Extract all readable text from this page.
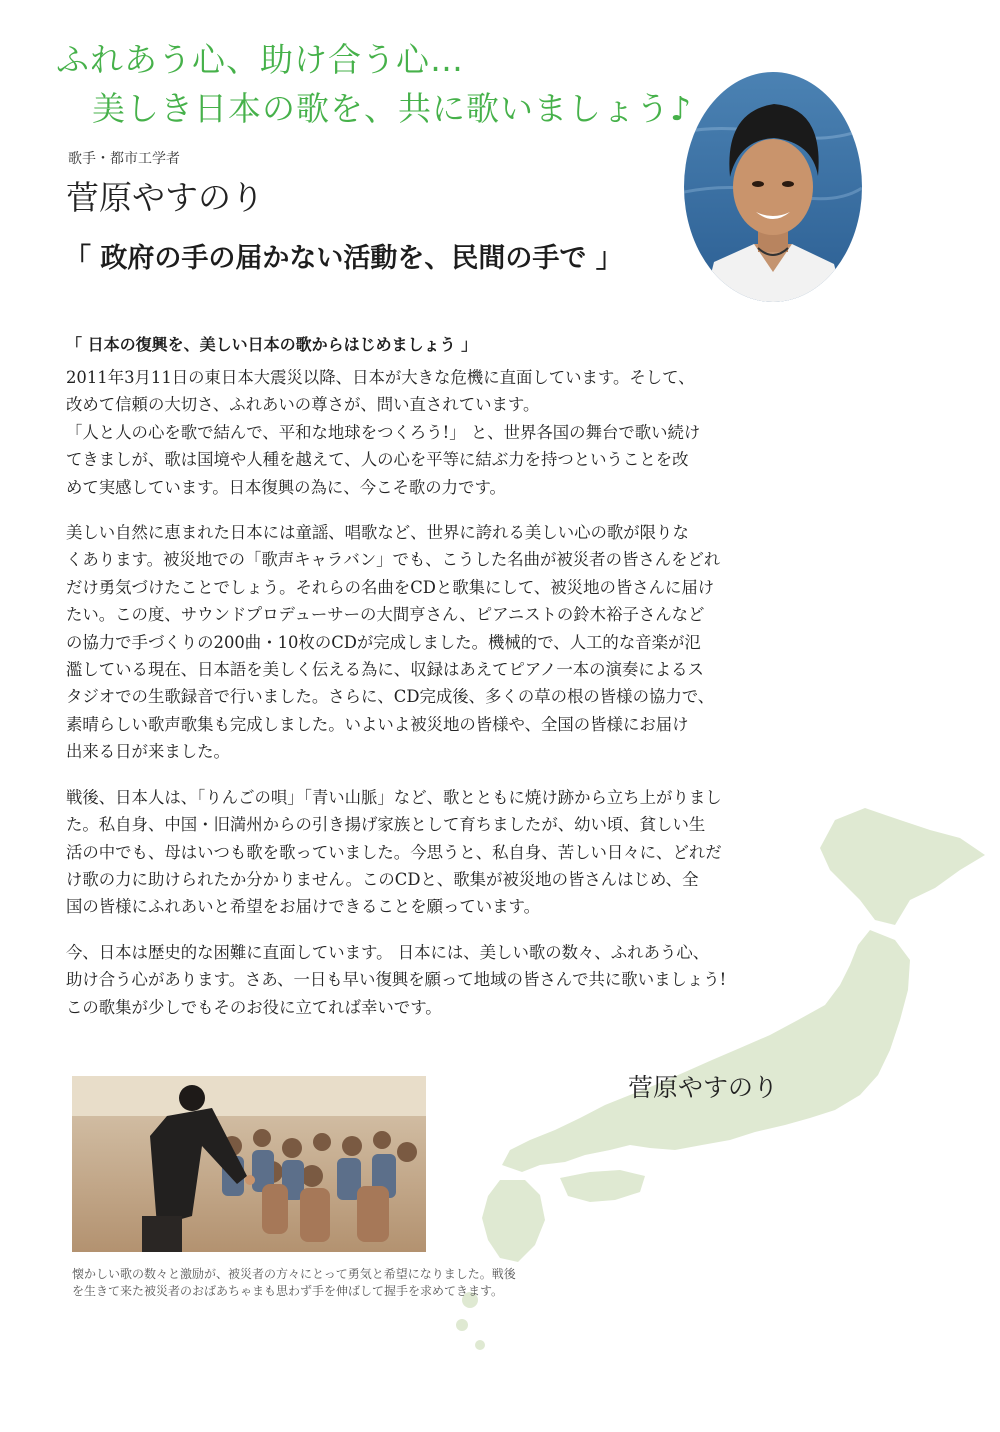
ふれあう心、助け合う心…
美しき日本の歌を、共に歌いましょう♪
歌手・都市工学者
菅原やすのり
「 政府の手の届かない活動を、民間の手で 」
「 日本の復興を、美しい日本の歌からはじめましょう 」

2011年3月11日の東日本大震災以降、日本が大きな危機に直面しています。そして、
改めて信頼の大切さ、ふれあいの尊さが、問い直されています。
「人と人の心を歌で結んで、平和な地球をつくろう!」 と、世界各国の舞台で歌い続け
てきましが、歌は国境や人種を越えて、人の心を平等に結ぶ力を持つということを改
めて実感しています。日本復興の為に、今こそ歌の力です。

美しい自然に恵まれた日本には童謡、唱歌など、世界に誇れる美しい心の歌が限りな
くあります。被災地での「歌声キャラバン」でも、こうした名曲が被災者の皆さんをどれ
だけ勇気づけたことでしょう。それらの名曲をCDと歌集にして、被災地の皆さんに届け
たい。この度、サウンドプロデューサーの大間亨さん、ピアニストの鈴木裕子さんなど
の協力で手づくりの200曲・10枚のCDが完成しました。機械的で、人工的な音楽が氾
濫している現在、日本語を美しく伝える為に、収録はあえてピアノ一本の演奏によるス
タジオでの生歌録音で行いました。さらに、CD完成後、多くの草の根の皆様の協力で、
素晴らしい歌声歌集も完成しました。いよいよ被災地の皆様や、全国の皆様にお届け
出来る日が来ました。

戦後、日本人は、「りんごの唄」「青い山脈」など、歌とともに焼け跡から立ち上がりまし
た。私自身、中国・旧満州からの引き揚げ家族として育ちましたが、幼い頃、貧しい生
活の中でも、母はいつも歌を歌っていました。今思うと、私自身、苦しい日々に、どれだ
け歌の力に助けられたか分かりません。このCDと、歌集が被災地の皆さんはじめ、全
国の皆様にふれあいと希望をお届けできることを願っています。

今、日本は歴史的な困難に直面しています。 日本には、美しい歌の数々、ふれあう心、
助け合う心があります。さあ、一日も早い復興を願って地域の皆さんで共に歌いましょう!
この歌集が少しでもそのお役に立てれば幸いです。

菅原やすのり
懐かしい歌の数々と激励が、被災者の方々にとって勇気と希望になりました。戦後
を生きて来た被災者のおばあちゃまも思わず手を伸ばして握手を求めてきます。
